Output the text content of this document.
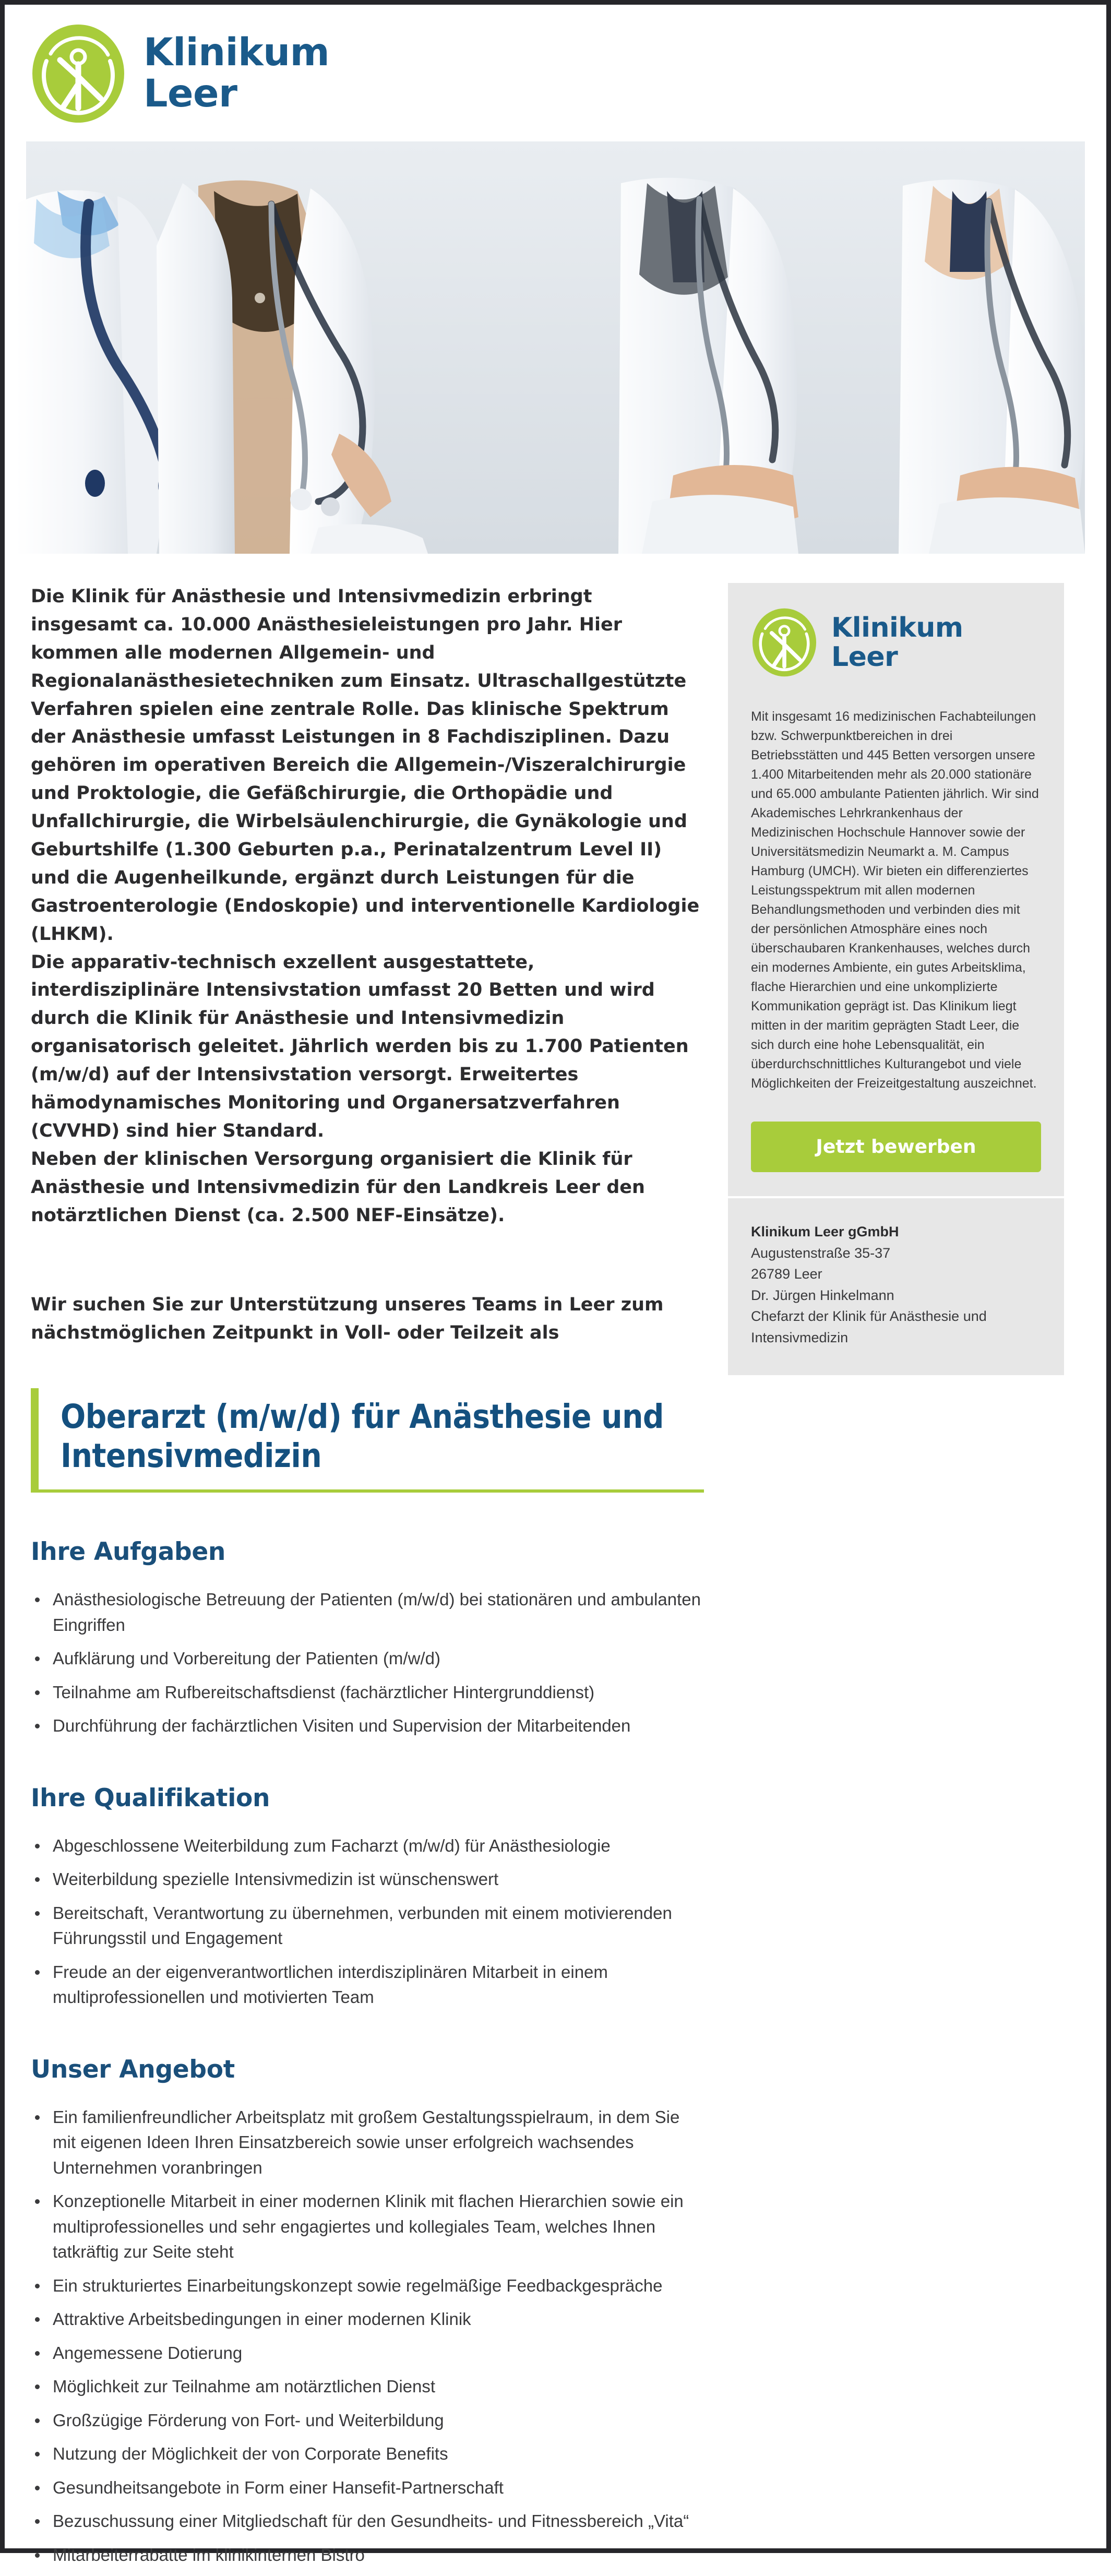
Klinikum
Leer

Die Klinik für Anästhesie und Intensivmedizin erbringt insgesamt ca. 10.000 Anästhesieleistungen pro Jahr. Hier kommen alle modernen Allgemein- und Regionalanästhesietechniken zum Einsatz. Ultraschallgestützte Verfahren spielen eine zentrale Rolle. Das klinische Spektrum der Anästhesie umfasst Leistungen in 8 Fachdisziplinen. Dazu gehören im operativen Bereich die Allgemein-/Viszeralchirurgie und Proktologie, die Gefäßchirurgie, die Orthopädie und Unfallchirurgie, die Wirbelsäulenchirurgie, die Gynäkologie und Geburtshilfe (1.300 Geburten p.a., Perinatalzentrum Level II) und die Augenheilkunde, ergänzt durch Leistungen für die Gastroenterologie (Endoskopie) und interventionelle Kardiologie (LHKM).

Die apparativ-technisch exzellent ausgestattete, interdisziplinäre Intensivstation umfasst 20 Betten und wird durch die Klinik für Anästhesie und Intensivmedizin organisatorisch geleitet. Jährlich werden bis zu 1.700 Patienten (m/w/d) auf der Intensivstation versorgt. Erweitertes hämodynamisches Monitoring und Organersatzverfahren (CVVHD) sind hier Standard.

Neben der klinischen Versorgung organisiert die Klinik für Anästhesie und Intensivmedizin für den Landkreis Leer den notärztlichen Dienst (ca. 2.500 NEF-Einsätze).

Wir suchen Sie zur Unterstützung unseres Teams in Leer zum nächstmöglichen Zeitpunkt in Voll- oder Teilzeit als

Oberarzt (m/w/d) für Anästhesie und Intensivmedizin
Ihre Aufgaben
Anästhesiologische Betreuung der Patienten (m/w/d) bei stationären und ambulanten Eingriffen
Aufklärung und Vorbereitung der Patienten (m/w/d)
Teilnahme am Rufbereitschaftsdienst (fachärztlicher Hintergrunddienst)
Durchführung der fachärztlichen Visiten und Supervision der Mitarbeitenden
Ihre Qualifikation
Abgeschlossene Weiterbildung zum Facharzt (m/w/d) für Anästhesiologie
Weiterbildung spezielle Intensivmedizin ist wünschenswert
Bereitschaft, Verantwortung zu übernehmen, verbunden mit einem motivierenden Führungsstil und Engagement
Freude an der eigenverantwortlichen interdisziplinären Mitarbeit in einem multiprofessionellen und motivierten Team
Unser Angebot
Ein familienfreundlicher Arbeitsplatz mit großem Gestaltungsspielraum, in dem Sie mit eigenen Ideen Ihren Einsatzbereich sowie unser erfolgreich wachsendes Unternehmen voranbringen
Konzeptionelle Mitarbeit in einer modernen Klinik mit flachen Hierarchien sowie ein multiprofessionelles und sehr engagiertes und kollegiales Team, welches Ihnen tatkräftig zur Seite steht
Ein strukturiertes Einarbeitungskonzept sowie regelmäßige Feedbackgespräche
Attraktive Arbeitsbedingungen in einer modernen Klinik
Angemessene Dotierung
Möglichkeit zur Teilnahme am notärztlichen Dienst
Großzügige Förderung von Fort- und Weiterbildung
Nutzung der Möglichkeit der von Corporate Benefits
Gesundheitsangebote in Form einer Hansefit-Partnerschaft
Bezuschussung einer Mitgliedschaft für den Gesundheits- und Fitnessbereich „Vita“
Mitarbeiterrabatte im klinikinternen Bistro
Klinikum
Leer

Mit insgesamt 16 medizinischen Fachabteilungen bzw. Schwerpunktbereichen in drei Betriebsstätten und 445 Betten versorgen unsere 1.400 Mitarbeitenden mehr als 20.000 stationäre und 65.000 ambulante Patienten jährlich. Wir sind Akademisches Lehrkrankenhaus der Medizinischen Hochschule Hannover sowie der Universitätsmedizin Neumarkt a. M. Campus Hamburg (UMCH). Wir bieten ein differenziertes Leistungsspektrum mit allen modernen Behandlungsmethoden und verbinden dies mit der persönlichen Atmosphäre eines noch überschaubaren Krankenhauses, welches durch ein modernes Ambiente, ein gutes Arbeitsklima, flache Hierarchien und eine unkomplizierte Kommunikation geprägt ist. Das Klinikum liegt mitten in der maritim geprägten Stadt Leer, die sich durch eine hohe Lebensqualität, ein überdurchschnittliches Kulturangebot und viele Möglichkeiten der Freizeitgestaltung auszeichnet.

Jetzt bewerben
Klinikum Leer gGmbH
Augustenstraße 35-37
26789 Leer
Dr. Jürgen Hinkelmann
Chefarzt der Klinik für Anästhesie und Intensivmedizin
